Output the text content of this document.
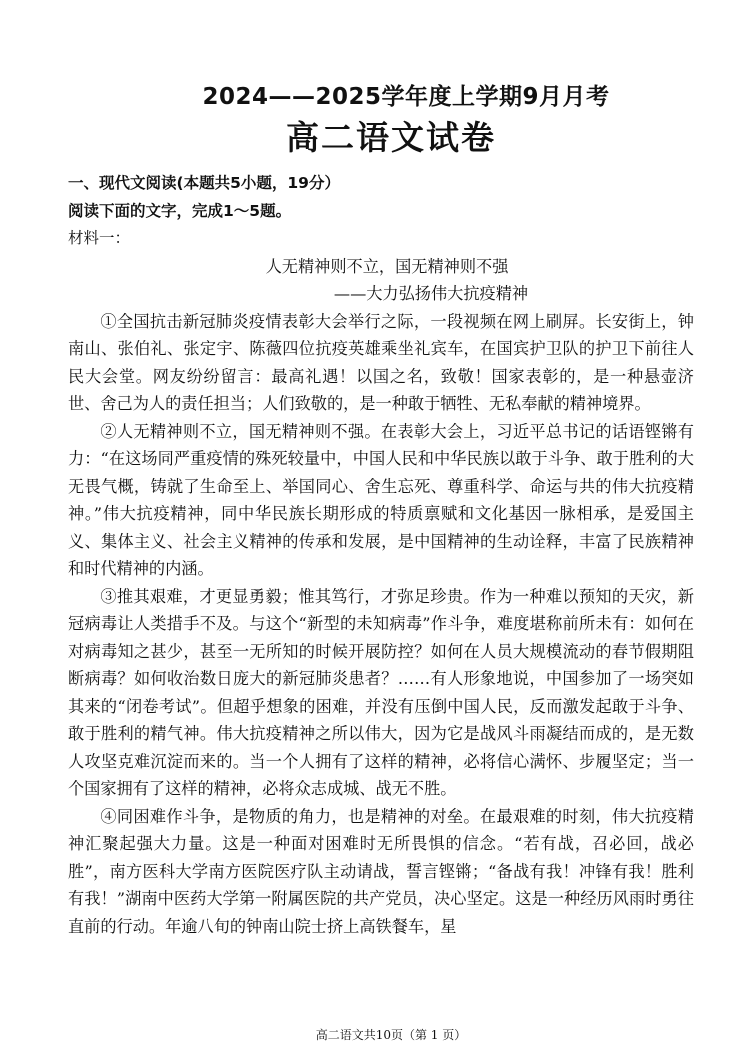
2024——2025学年度上学期9月月考
高二语文试卷
一、现代文阅读(本题共5小题，19分）
阅读下面的文字，完成1～5题。
材料一：
人无精神则不立，国无精神则不强
——大力弘扬伟大抗疫精神

①全国抗击新冠肺炎疫情表彰大会举行之际，一段视频在网上刷屏。长安街上，钟南山、张伯礼、张定宇、陈薇四位抗疫英雄乘坐礼宾车，在国宾护卫队的护卫下前往人民大会堂。网友纷纷留言：最高礼遇！以国之名，致敬！国家表彰的，是一种悬壶济世、舍己为人的责任担当；人们致敬的，是一种敢于牺牲、无私奉献的精神境界。

②人无精神则不立，国无精神则不强。在表彰大会上，习近平总书记的话语铿锵有力：“在这场同严重疫情的殊死较量中，中国人民和中华民族以敢于斗争、敢于胜利的大无畏气概，铸就了生命至上、举国同心、舍生忘死、尊重科学、命运与共的伟大抗疫精神。”伟大抗疫精神，同中华民族长期形成的特质禀赋和文化基因一脉相承，是爱国主义、集体主义、社会主义精神的传承和发展，是中国精神的生动诠释，丰富了民族精神和时代精神的内涵。

③推其艰难，才更显勇毅；惟其笃行，才弥足珍贵。作为一种难以预知的天灾，新冠病毒让人类措手不及。与这个“新型的未知病毒”作斗争，难度堪称前所未有：如何在对病毒知之甚少，甚至一无所知的时候开展防控？如何在人员大规模流动的春节假期阻断病毒？如何收治数日庞大的新冠肺炎患者？……有人形象地说，中国参加了一场突如其来的“闭卷考试”。但超乎想象的困难，并没有压倒中国人民，反而激发起敢于斗争、敢于胜利的精气神。伟大抗疫精神之所以伟大，因为它是战风斗雨凝结而成的，是无数人攻坚克难沉淀而来的。当一个人拥有了这样的精神，必将信心满怀、步履坚定；当一个国家拥有了这样的精神，必将众志成城、战无不胜。

④同困难作斗争，是物质的角力，也是精神的对垒。在最艰难的时刻，伟大抗疫精神汇聚起强大力量。这是一种面对困难时无所畏惧的信念。“若有战，召必回，战必胜”，南方医科大学南方医院医疗队主动请战，誓言铿锵；“备战有我！冲锋有我！胜利有我！”湖南中医药大学第一附属医院的共产党员，决心坚定。这是一种经历风雨时勇往直前的行动。年逾八旬的钟南山院士挤上高铁餐车，星

高二语文共10页（第 1 页）
